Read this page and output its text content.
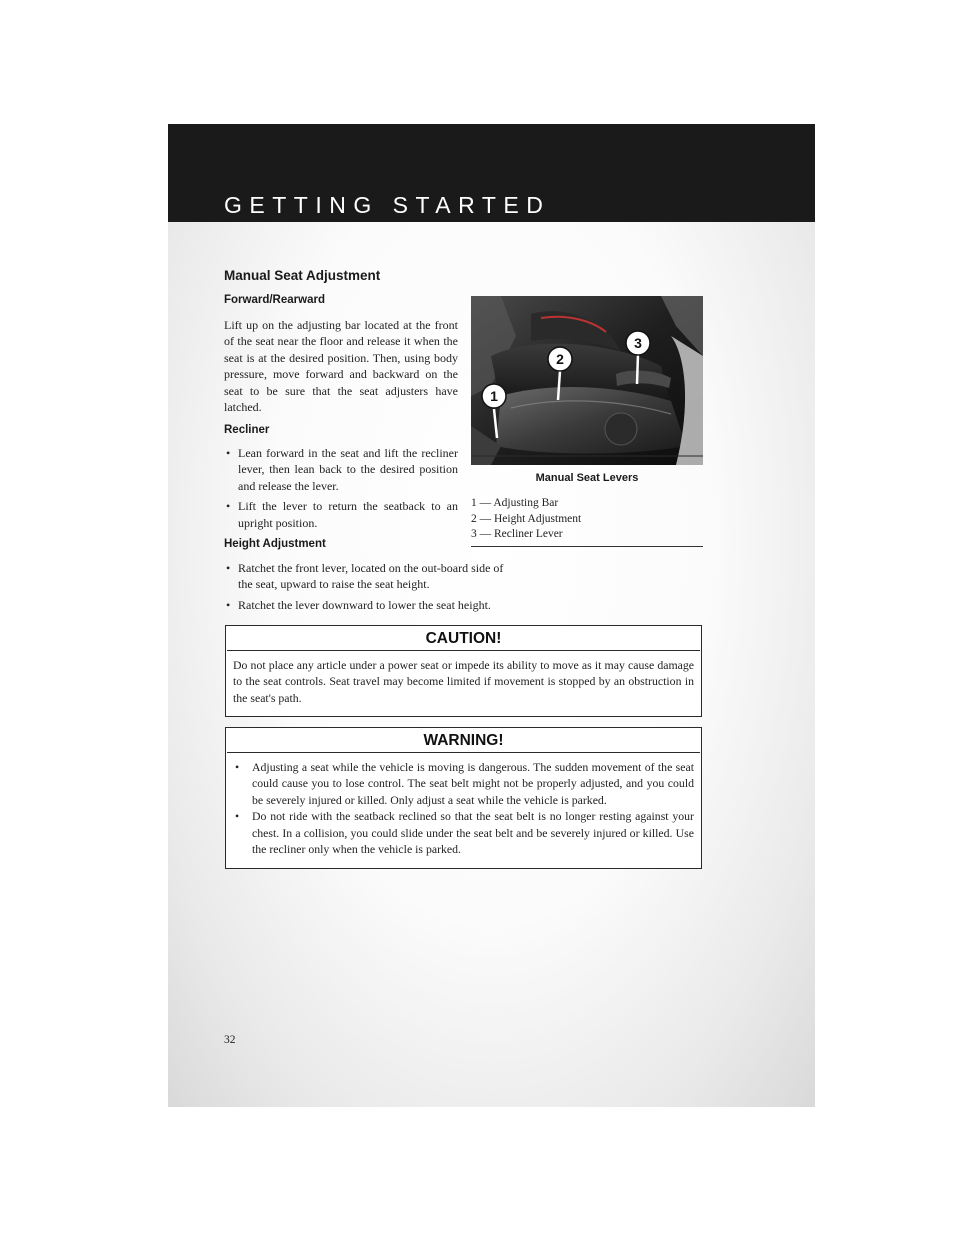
GETTING STARTED
Manual Seat Adjustment
Forward/Rearward
Lift up on the adjusting bar located at the front of the seat near the floor and release it when the seat is at the desired position. Then, using body pressure, move forward and backward on the seat to be sure that the seat adjusters have latched.
Recliner
• Lean forward in the seat and lift the recliner lever, then lean back to the desired position and release the lever.
• Lift the lever to return the seatback to an upright position.
Height Adjustment
• Ratchet the front lever, located on the out-board side of the seat, upward to raise the seat height.
• Ratchet the lever downward to lower the seat height.
1
2
3
Manual Seat Levers
1 — Adjusting Bar
2 — Height Adjustment
3 — Recliner Lever
CAUTION!
Do not place any article under a power seat or impede its ability to move as it may cause damage to the seat controls. Seat travel may become limited if movement is stopped by an obstruction in the seat's path.
WARNING!
• Adjusting a seat while the vehicle is moving is dangerous. The sudden movement of the seat could cause you to lose control. The seat belt might not be properly adjusted, and you could be severely injured or killed. Only adjust a seat while the vehicle is parked.
• Do not ride with the seatback reclined so that the seat belt is no longer resting against your chest. In a collision, you could slide under the seat belt and be severely injured or killed. Use the recliner only when the vehicle is parked.
32
